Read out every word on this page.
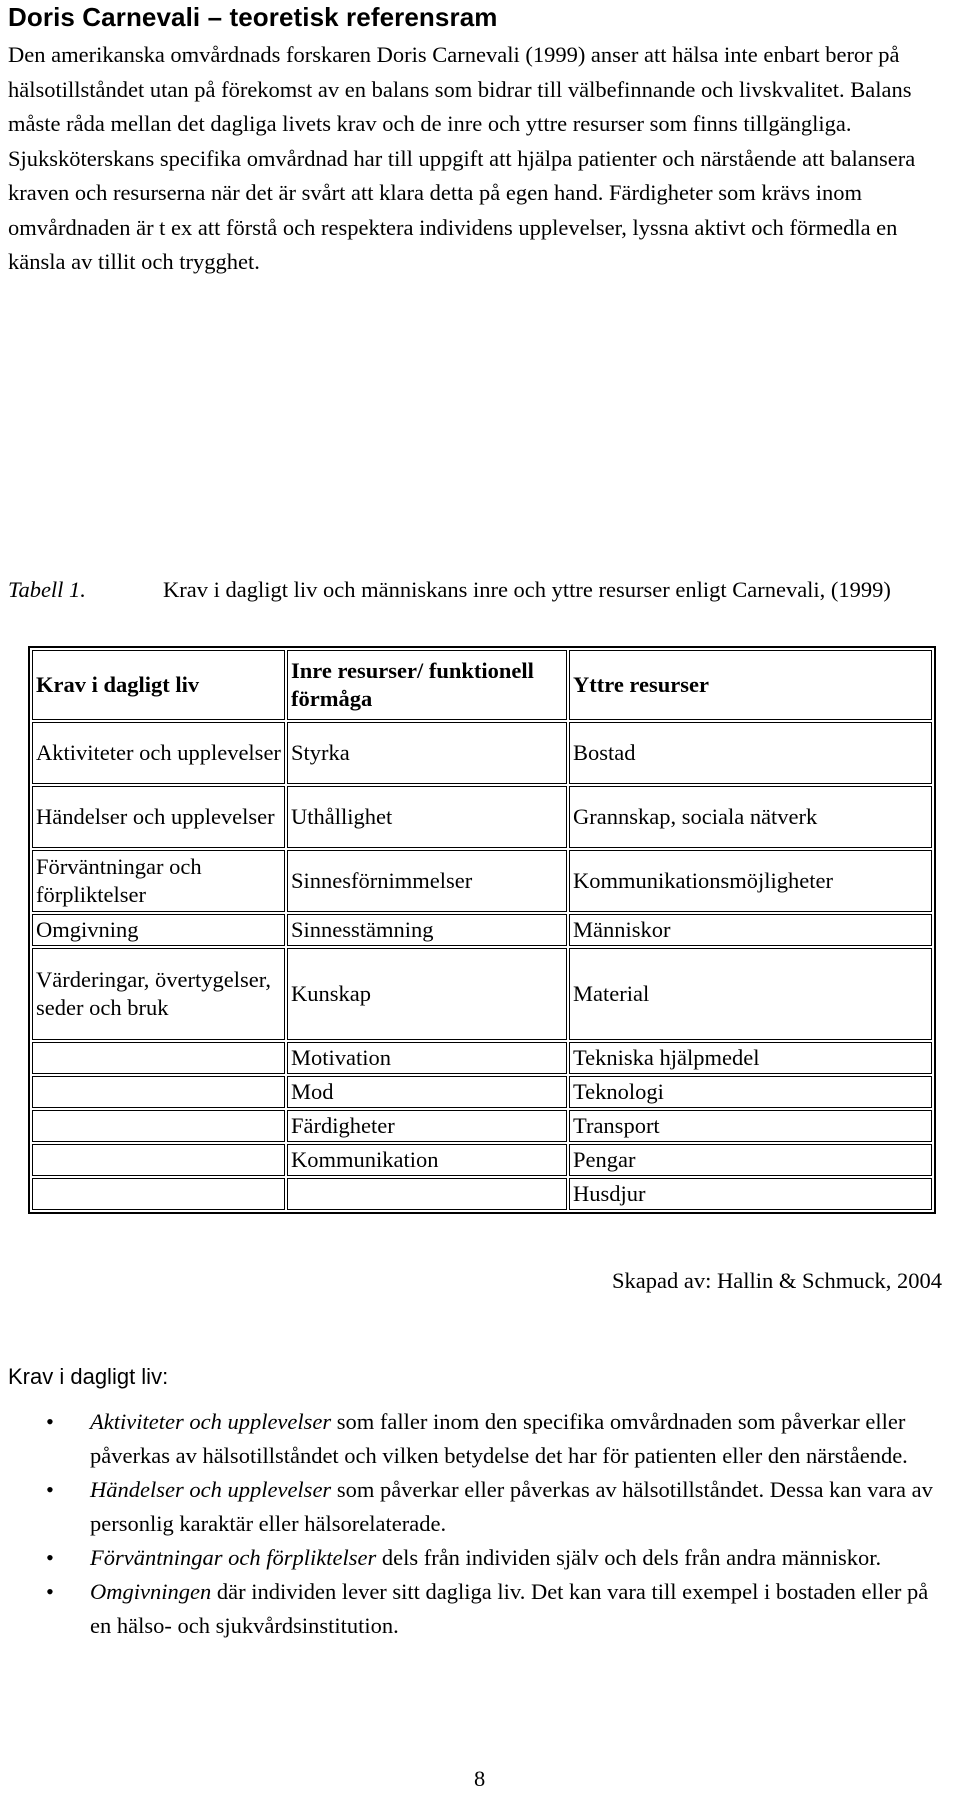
Doris Carnevali – teoretisk referensram

Den amerikanska omvårdnads forskaren Doris Carnevali (1999) anser att hälsa inte enbart beror på hälsotillståndet utan på förekomst av en balans som bidrar till välbefinnande och livskvalitet. Balans måste råda mellan det dagliga livets krav och de inre och yttre resurser som finns tillgängliga. Sjuksköterskans specifika omvårdnad har till uppgift att hjälpa patienter och närstående att balansera kraven och resurserna när det är svårt att klara detta på egen hand. Färdigheter som krävs inom omvårdnaden är t ex att förstå och respektera individens upplevelser, lyssna aktivt och förmedla en känsla av tillit och trygghet.

Tabell 1.	Krav i dagligt liv och människans inre och yttre resurser enligt Carnevali, (1999)
Krav i dagligt liv	Inre resurser/ funktionell förmåga	Yttre resurser
Aktiviteter och upplevelser	Styrka	Bostad
Händelser och upplevelser	Uthållighet	Grannskap, sociala nätverk
Förväntningar och förpliktelser	Sinnesförnimmelser	Kommunikationsmöjligheter
Omgivning	Sinnesstämning	Människor
Värderingar, övertygelser, seder och bruk	Kunskap	Material
	Motivation	Tekniska hjälpmedel
	Mod	Teknologi
	Färdigheter	Transport
	Kommunikation	Pengar
		Husdjur
Skapad av: Hallin & Schmuck, 2004
Krav i dagligt liv:
• Aktiviteter och upplevelser som faller inom den specifika omvårdnaden som påverkar eller påverkas av hälsotillståndet och vilken betydelse det har för patienten eller den närstående.
• Händelser och upplevelser som påverkar eller påverkas av hälsotillståndet. Dessa kan vara av personlig karaktär eller hälsorelaterade.
• Förväntningar och förpliktelser dels från individen själv och dels från andra människor.
• Omgivningen där individen lever sitt dagliga liv. Det kan vara till exempel i bostaden eller på en hälso- och sjukvårdsinstitution.
8
